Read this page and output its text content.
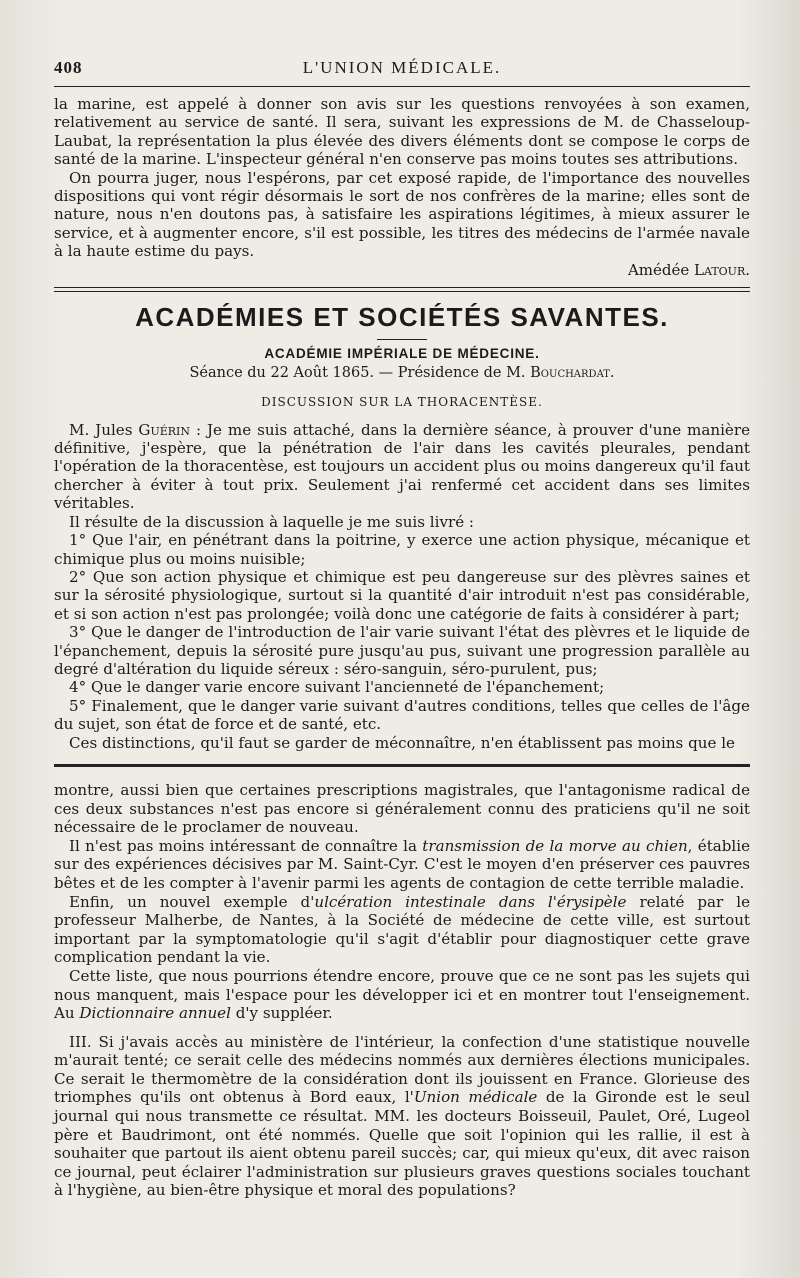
408	L'UNION MÉDICALE.

la marine, est appelé à donner son avis sur les questions renvoyées à son examen, relativement au service de santé. Il sera, suivant les expressions de M. de Chasseloup-Laubat, la représentation la plus élevée des divers éléments dont se compose le corps de santé de la marine. L'inspecteur général n'en conserve pas moins toutes ses attributions.

On pourra juger, nous l'espérons, par cet exposé rapide, de l'importance des nouvelles dispositions qui vont régir désormais le sort de nos confrères de la marine; elles sont de nature, nous n'en doutons pas, à satisfaire les aspirations légitimes, à mieux assurer le service, et à augmenter encore, s'il est possible, les titres des médecins de l'armée navale à la haute estime du pays.

Amédée Latour.
ACADÉMIES ET SOCIÉTÉS SAVANTES.
ACADÉMIE IMPÉRIALE DE MÉDECINE.
Séance du 22 Août 1865. — Présidence de M. Bouchardat.
DISCUSSION SUR LA THORACENTÈSE.

M. Jules Guérin : Je me suis attaché, dans la dernière séance, à prouver d'une manière définitive, j'espère, que la pénétration de l'air dans les cavités pleurales, pendant l'opération de la thoracentèse, est toujours un accident plus ou moins dangereux qu'il faut chercher à éviter à tout prix. Seulement j'ai renfermé cet accident dans ses limites véritables.

Il résulte de la discussion à laquelle je me suis livré :

1° Que l'air, en pénétrant dans la poitrine, y exerce une action physique, mécanique et chimique plus ou moins nuisible;

2° Que son action physique et chimique est peu dangereuse sur des plèvres saines et sur la sérosité physiologique, surtout si la quantité d'air introduit n'est pas considérable, et si son action n'est pas prolongée; voilà donc une catégorie de faits à considérer à part;

3° Que le danger de l'introduction de l'air varie suivant l'état des plèvres et le liquide de l'épanchement, depuis la sérosité pure jusqu'au pus, suivant une progression parallèle au degré d'altération du liquide séreux : séro-sanguin, séro-purulent, pus;

4° Que le danger varie encore suivant l'ancienneté de l'épanchement;

5° Finalement, que le danger varie suivant d'autres conditions, telles que celles de l'âge du sujet, son état de force et de santé, etc.

Ces distinctions, qu'il faut se garder de méconnaître, n'en établissent pas moins que le

montre, aussi bien que certaines prescriptions magistrales, que l'antagonisme radical de ces deux substances n'est pas encore si généralement connu des praticiens qu'il ne soit nécessaire de le proclamer de nouveau.

Il n'est pas moins intéressant de connaître la transmission de la morve au chien, établie sur des expériences décisives par M. Saint-Cyr. C'est le moyen d'en préserver ces pauvres bêtes et de les compter à l'avenir parmi les agents de contagion de cette terrible maladie.

Enfin, un nouvel exemple d'ulcération intestinale dans l'érysipèle relaté par le professeur Malherbe, de Nantes, à la Société de médecine de cette ville, est surtout important par la symptomatologie qu'il s'agit d'établir pour diagnostiquer cette grave complication pendant la vie.

Cette liste, que nous pourrions étendre encore, prouve que ce ne sont pas les sujets qui nous manquent, mais l'espace pour les développer ici et en montrer tout l'enseignement. Au Dictionnaire annuel d'y suppléer.

III. Si j'avais accès au ministère de l'intérieur, la confection d'une statistique nouvelle m'aurait tenté; ce serait celle des médecins nommés aux dernières élections municipales. Ce serait le thermomètre de la considération dont ils jouissent en France. Glorieuse des triomphes qu'ils ont obtenus à Bord eaux, l'Union médicale de la Gironde est le seul journal qui nous transmette ce résultat. MM. les docteurs Boisseuil, Paulet, Oré, Lugeol père et Baudrimont, ont été nommés. Quelle que soit l'opinion qui les rallie, il est à souhaiter que partout ils aient obtenu pareil succès; car, qui mieux qu'eux, dit avec raison ce journal, peut éclairer l'administration sur plusieurs graves questions sociales touchant à l'hygiène, au bien-être physique et moral des populations?
